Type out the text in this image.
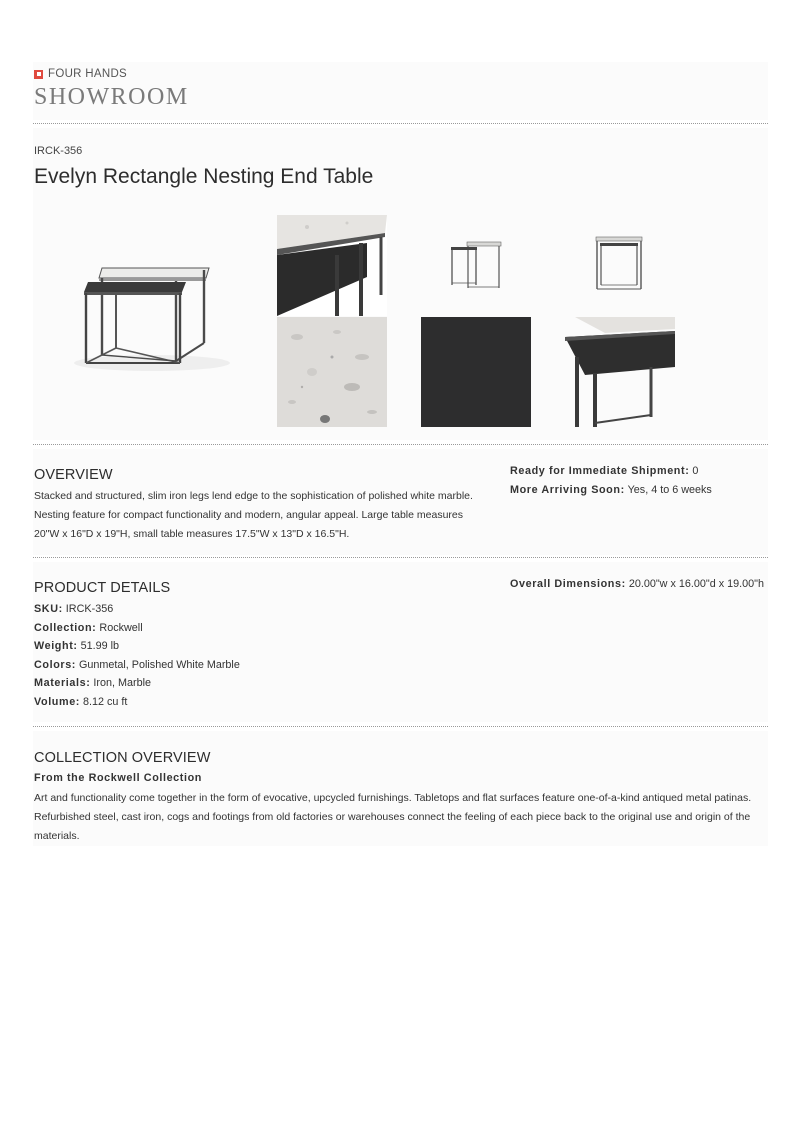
FOUR HANDS
SHOWROOM
IRCK-356
Evelyn Rectangle Nesting End Table
OVERVIEW
Stacked and structured, slim iron legs lend edge to the sophistication of polished white marble. Nesting feature for compact functionality and modern, angular appeal. Large table measures 20"W x 16"D x 19"H, small table measures 17.5"W x 13"D x 16.5"H.
Ready for Immediate Shipment: 0
More Arriving Soon: Yes, 4 to 6 weeks
PRODUCT DETAILS
SKU: IRCK-356
Collection: Rockwell
Weight: 51.99 lb
Colors: Gunmetal, Polished White Marble
Materials: Iron, Marble
Volume: 8.12 cu ft
Overall Dimensions: 20.00"w x 16.00"d x 19.00"h
COLLECTION OVERVIEW
From the Rockwell Collection
Art and functionality come together in the form of evocative, upcycled furnishings. Tabletops and flat surfaces feature one-of-a-kind antiqued metal patinas. Refurbished steel, cast iron, cogs and footings from old factories or warehouses connect the feeling of each piece back to the original use and origin of the materials.
